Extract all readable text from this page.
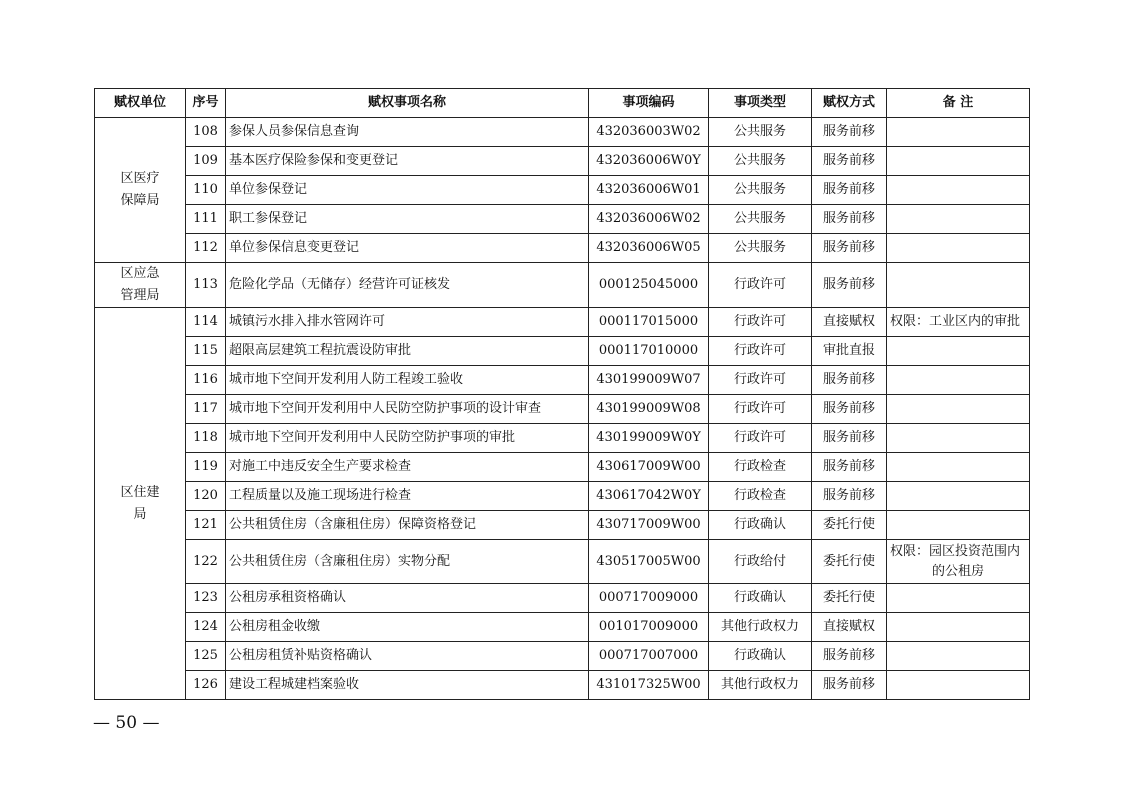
赋权单位	序号	赋权事项名称	事项编码	事项类型	赋权方式	备 注
区医疗保障局	108	参保人员参保信息查询	432036003W02	公共服务	服务前移	

	109	基本医疗保险参保和变更登记	432036006W0Y	公共服务	服务前移	

	110	单位参保登记	432036006W01	公共服务	服务前移	

	111	职工参保登记	432036006W02	公共服务	服务前移	

	112	单位参保信息变更登记	432036006W05	公共服务	服务前移	

区应急管理局	113	危险化学品（无储存）经营许可证核发	000125045000	行政许可	服务前移	

区住建局	114	城镇污水排入排水管网许可	000117015000	行政许可	直接赋权	权限：工业区内的审批

	115	超限高层建筑工程抗震设防审批	000117010000	行政许可	审批直报	

	116	城市地下空间开发利用人防工程竣工验收	430199009W07	行政许可	服务前移	

	117	城市地下空间开发利用中人民防空防护事项的设计审查	430199009W08	行政许可	服务前移	

	118	城市地下空间开发利用中人民防空防护事项的审批	430199009W0Y	行政许可	服务前移	

	119	对施工中违反安全生产要求检查	430617009W00	行政检查	服务前移	

	120	工程质量以及施工现场进行检查	430617042W0Y	行政检查	服务前移	

	121	公共租赁住房（含廉租住房）保障资格登记	430717009W00	行政确认	委托行使	

	122	公共租赁住房（含廉租住房）实物分配	430517005W00	行政给付	委托行使	权限：园区投资范围内
的公租房

	123	公租房承租资格确认	000717009000	行政确认	委托行使	

	124	公租房租金收缴	001017009000	其他行政权力	直接赋权	

	125	公租房租赁补贴资格确认	000717007000	行政确认	服务前移	

	126	建设工程城建档案验收	431017325W00	其他行政权力	服务前移	
— 50 —
